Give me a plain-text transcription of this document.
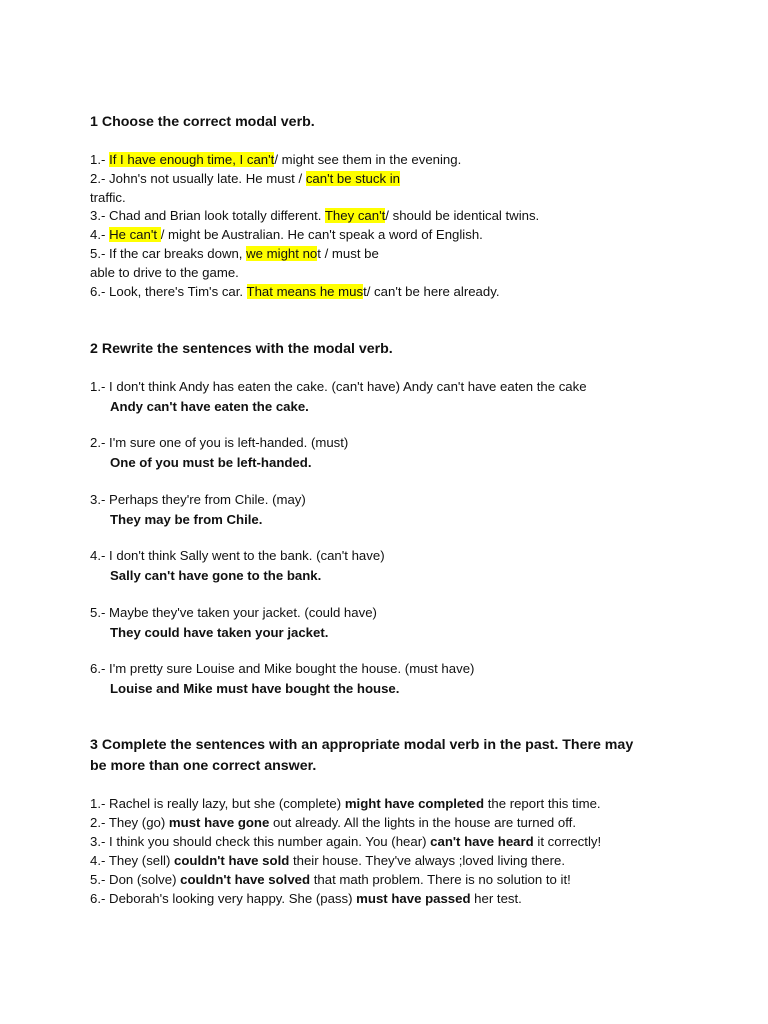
1 Choose the correct modal verb.
1.- If I have enough time, I can't/ might see them in the evening.
2.- John's not usually late. He must / can't be stuck in
traffic.
3.- Chad and Brian look totally different. They can't/ should be identical twins.
4.- He can't / might be Australian. He can't speak a word of English.
5.- If the car breaks down, we might not / must be
able to drive to the game.
6.- Look, there's Tim's car. That means he must/ can't be here already.
2 Rewrite the sentences with the modal verb.
1.- I don't think Andy has eaten the cake. (can't have) Andy can't have eaten the cake
Andy can't have eaten the cake.
2.- I'm sure one of you is left-handed. (must)
One of you must be left-handed.
3.- Perhaps they're from Chile. (may)
They may be from Chile.
4.- I don't think Sally went to the bank. (can't have)
Sally can't have gone to the bank.
5.- Maybe they've taken your jacket. (could have)
They could have taken your jacket.
6.- I'm pretty sure Louise and Mike bought the house. (must have)
Louise and Mike must have bought the house.
3 Complete the sentences with an appropriate modal verb in the past. There may
be more than one correct answer.
1.- Rachel is really lazy, but she (complete) might have completed the report this time.
2.- They (go) must have gone out already. All the lights in the house are turned off.
3.- I think you should check this number again. You (hear) can't have heard it correctly!
4.- They (sell) couldn't have sold their house. They've always ;loved living there.
5.- Don (solve) couldn't have solved that math problem. There is no solution to it!
6.- Deborah's looking very happy. She (pass) must have passed her test.
